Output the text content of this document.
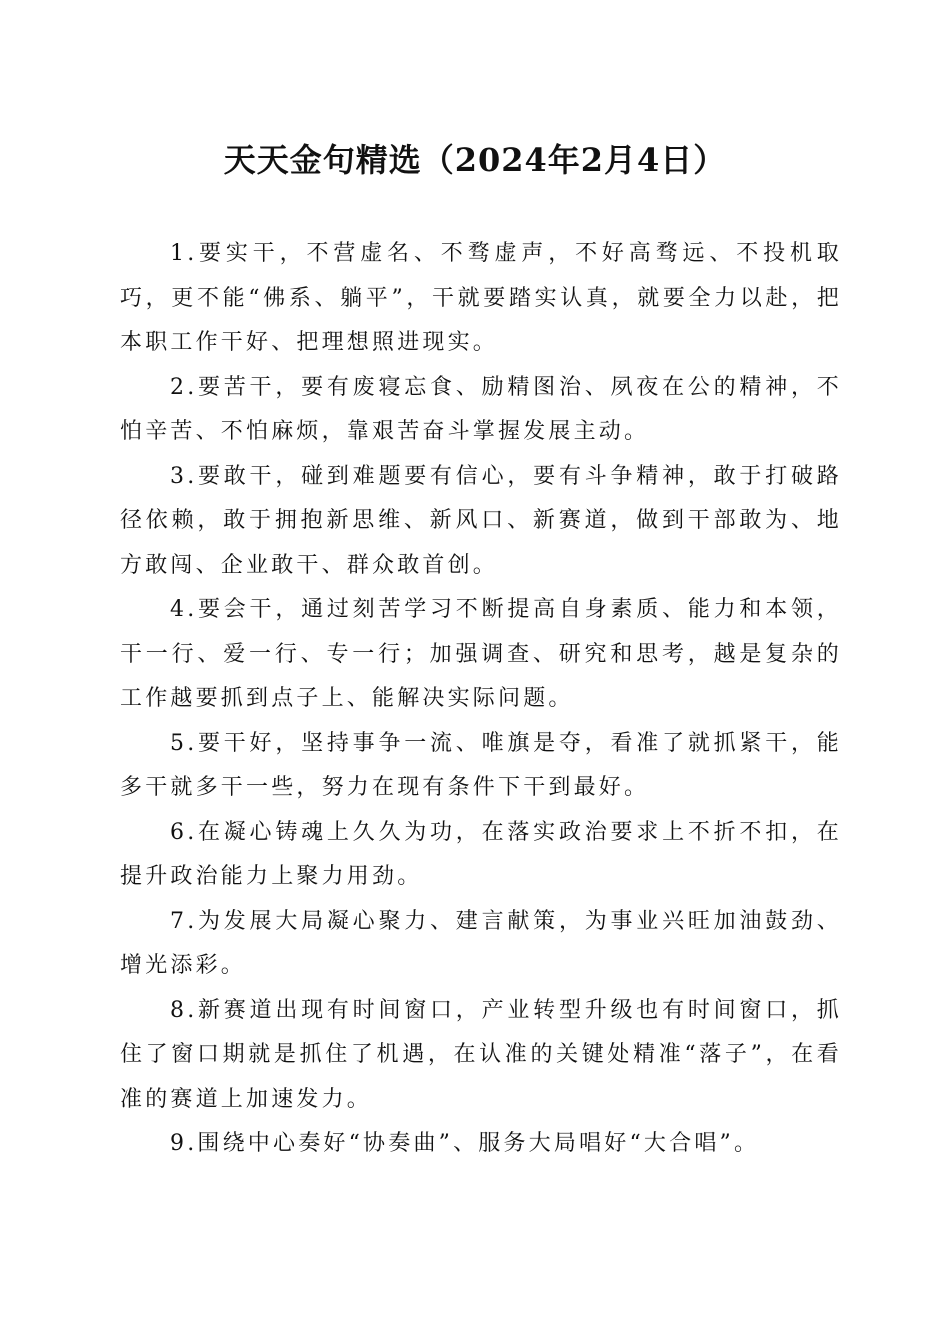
天天金句精选（2024年2月4日）

1.要实干，不营虚名、不骛虚声，不好高骛远、不投机取巧，更不能“佛系、躺平”，干就要踏实认真，就要全力以赴，把本职工作干好、把理想照进现实。

2.要苦干，要有废寝忘食、励精图治、夙夜在公的精神，不怕辛苦、不怕麻烦，靠艰苦奋斗掌握发展主动。

3.要敢干，碰到难题要有信心，要有斗争精神，敢于打破路径依赖，敢于拥抱新思维、新风口、新赛道，做到干部敢为、地方敢闯、企业敢干、群众敢首创。

4.要会干，通过刻苦学习不断提高自身素质、能力和本领，干一行、爱一行、专一行；加强调查、研究和思考，越是复杂的工作越要抓到点子上、能解决实际问题。

5.要干好，坚持事争一流、唯旗是夺，看准了就抓紧干，能多干就多干一些，努力在现有条件下干到最好。

6.在凝心铸魂上久久为功，在落实政治要求上不折不扣，在提升政治能力上聚力用劲。

7.为发展大局凝心聚力、建言献策，为事业兴旺加油鼓劲、增光添彩。

8.新赛道出现有时间窗口，产业转型升级也有时间窗口，抓住了窗口期就是抓住了机遇，在认准的关键处精准“落子”，在看准的赛道上加速发力。

9.围绕中心奏好“协奏曲”、服务大局唱好“大合唱”。
